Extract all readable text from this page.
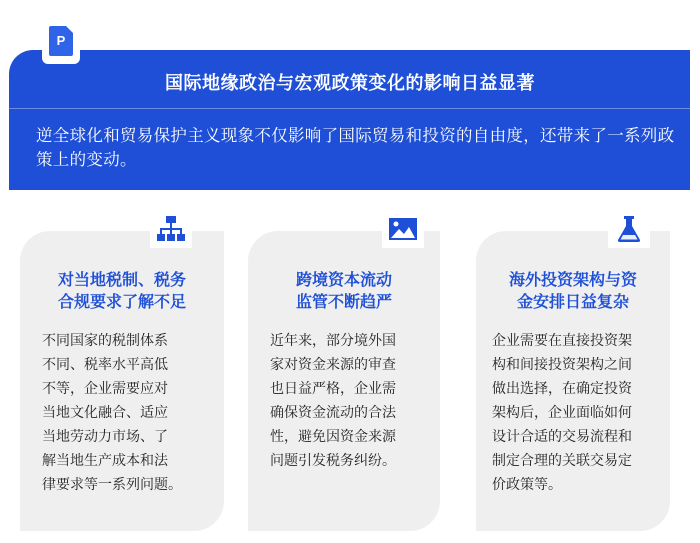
P
国际地缘政治与宏观政策变化的影响日益显著
逆全球化和贸易保护主义现象不仅影响了国际贸易和投资的自由度，还带来了一系列政策上的变动。
对当地税制、税务
合规要求了解不足
不同国家的税制体系
不同、税率水平高低
不等，企业需要应对
当地文化融合、适应
当地劳动力市场、了
解当地生产成本和法
律要求等一系列问题。
跨境资本流动
监管不断趋严
近年来，部分境外国
家对资金来源的审查
也日益严格，企业需
确保资金流动的合法
性，避免因资金来源
问题引发税务纠纷。
海外投资架构与资
金安排日益复杂
企业需要在直接投资架
构和间接投资架构之间
做出选择，在确定投资
架构后，企业面临如何
设计合适的交易流程和
制定合理的关联交易定
价政策等。
